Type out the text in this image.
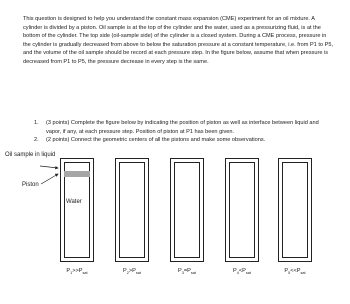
This question is designed to help you understand the constant mass expansion (CME) experiment for an oil mixture. A cylinder is divided by a piston. Oil sample is at the top of the cylinder and the water, used as a pressurizing fluid, is at the bottom of the cylinder. The top side (oil-sample side) of the cylinder is a closed system. During a CME process, pressure in the cylinder is gradually decreased from above to below the saturation pressure at a constant temperature, i.e. from P1 to P5, and the volume of the oil sample should be record at each pressure step. In the figure below, assume that when pressure is decreased from P1 to P5, the pressure decrease in every step is the same.

1. (3 points) Complete the figure below by indicating the position of piston as well as interface between liquid and vapor, if any, at each pressure step. Position of piston at P1 has been given.
2. (2 points) Connect the geometric centers of all the pistons and make some observations.
Oil sample in liquid
Piston
Water
$P_1>>P_{sat}$	$P_2>P_{sat}$	$P_3=P_{sat}$	$P_4<P_{sat}$	$P_5<<P_{sat}$
